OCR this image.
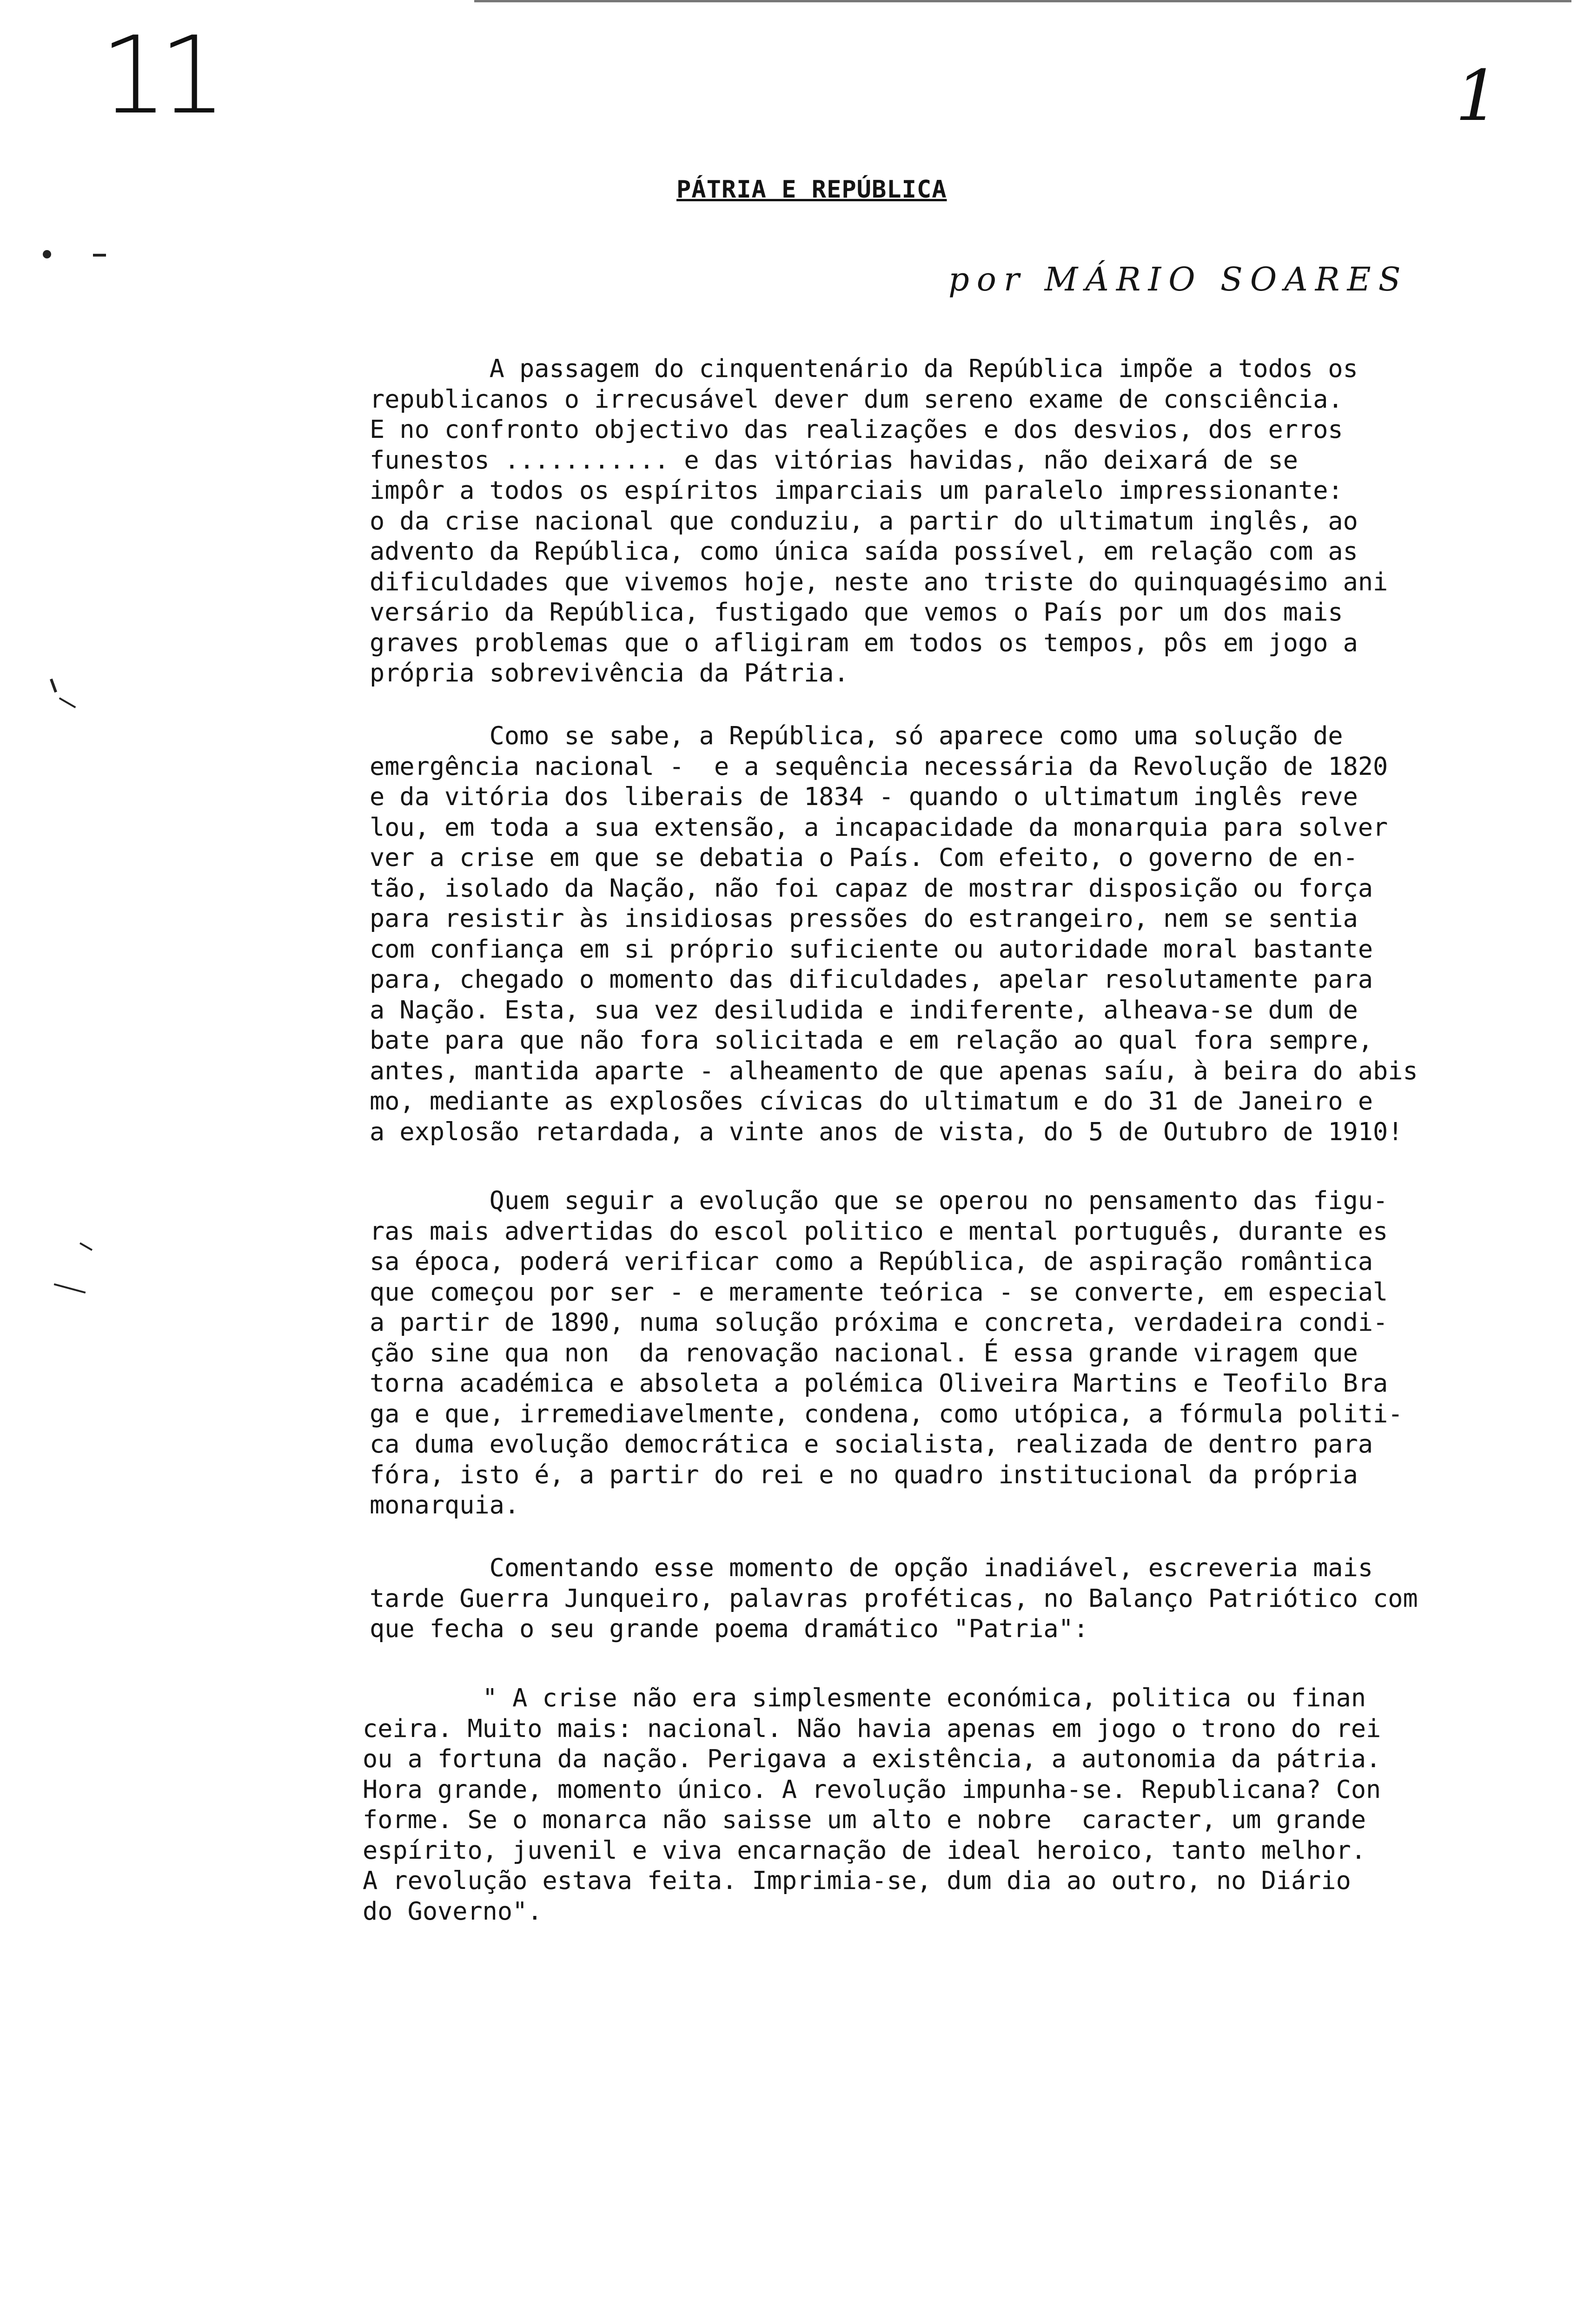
11	1
PÁTRIA E REPÚBLICA
por MÁRIO SOARES
A passagem do cinquentenário da República impõe a todos os
republicanos o irrecusável dever dum sereno exame de consciência.
E no confronto objectivo das realizações e dos desvios, dos erros
funestos ........... e das vitórias havidas, não deixará de se
impôr a todos os espíritos imparciais um paralelo impressionante:
o da crise nacional que conduziu, a partir do ultimatum inglês, ao
advento da República, como única saída possível, em relação com as
dificuldades que vivemos hoje, neste ano triste do quinquagésimo ani
versário da República, fustigado que vemos o País por um dos mais
graves problemas que o afligiram em todos os tempos, pôs em jogo a
própria sobrevivência da Pátria.
Como se sabe, a República, só aparece como uma solução de
emergência nacional -  e a sequência necessária da Revolução de 1820
e da vitória dos liberais de 1834 - quando o ultimatum inglês reve
lou, em toda a sua extensão, a incapacidade da monarquia para solver
ver a crise em que se debatia o País. Com efeito, o governo de en-
tão, isolado da Nação, não foi capaz de mostrar disposição ou força
para resistir às insidiosas pressões do estrangeiro, nem se sentia
com confiança em si próprio suficiente ou autoridade moral bastante
para, chegado o momento das dificuldades, apelar resolutamente para
a Nação. Esta, sua vez desiludida e indiferente, alheava-se dum de
bate para que não fora solicitada e em relação ao qual fora sempre,
antes, mantida aparte - alheamento de que apenas saíu, à beira do abis
mo, mediante as explosões cívicas do ultimatum e do 31 de Janeiro e
a explosão retardada, a vinte anos de vista, do 5 de Outubro de 1910!
Quem seguir a evolução que se operou no pensamento das figu-
ras mais advertidas do escol politico e mental português, durante es
sa época, poderá verificar como a República, de aspiração romântica
que começou por ser - e meramente teórica - se converte, em especial
a partir de 1890, numa solução próxima e concreta, verdadeira condi-
ção sine qua non  da renovação nacional. É essa grande viragem que
torna académica e absoleta a polémica Oliveira Martins e Teofilo Bra
ga e que, irremediavelmente, condena, como utópica, a fórmula politi-
ca duma evolução democrática e socialista, realizada de dentro para
fóra, isto é, a partir do rei e no quadro institucional da própria
monarquia.
Comentando esse momento de opção inadiável, escreveria mais
tarde Guerra Junqueiro, palavras proféticas, no Balanço Patriótico com
que fecha o seu grande poema dramático "Patria":
" A crise não era simplesmente económica, politica ou finan
ceira. Muito mais: nacional. Não havia apenas em jogo o trono do rei
ou a fortuna da nação. Perigava a existência, a autonomia da pátria.
Hora grande, momento único. A revolução impunha-se. Republicana? Con
forme. Se o monarca não saisse um alto e nobre  caracter, um grande
espírito, juvenil e viva encarnação de ideal heroico, tanto melhor.
A revolução estava feita. Imprimia-se, dum dia ao outro, no Diário
do Governo".
